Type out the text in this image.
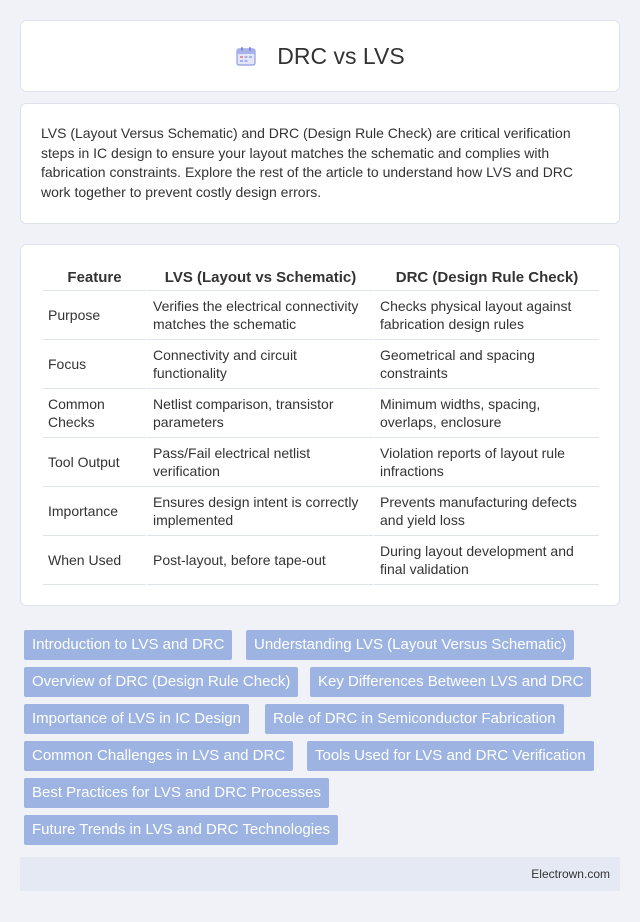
DRC vs LVS

LVS (Layout Versus Schematic) and DRC (Design Rule Check) are critical verification steps in IC design to ensure your layout matches the schematic and complies with fabrication constraints. Explore the rest of the article to understand how LVS and DRC work together to prevent costly design errors.

Feature	LVS (Layout vs Schematic)	DRC (Design Rule Check)
Purpose	Verifies the electrical connectivity matches the schematic	Checks physical layout against fabrication design rules
Focus	Connectivity and circuit functionality	Geometrical and spacing constraints
Common Checks	Netlist comparison, transistor parameters	Minimum widths, spacing, overlaps, enclosure
Tool Output	Pass/Fail electrical netlist verification	Violation reports of layout rule infractions
Importance	Ensures design intent is correctly implemented	Prevents manufacturing defects and yield loss
When Used	Post-layout, before tape-out	During layout development and final validation
Introduction to LVS and DRC	Understanding LVS (Layout Versus Schematic)
Overview of DRC (Design Rule Check)	Key Differences Between LVS and DRC
Importance of LVS in IC Design	Role of DRC in Semiconductor Fabrication
Common Challenges in LVS and DRC	Tools Used for LVS and DRC Verification
Best Practices for LVS and DRC Processes
Future Trends in LVS and DRC Technologies
Electrown.com
